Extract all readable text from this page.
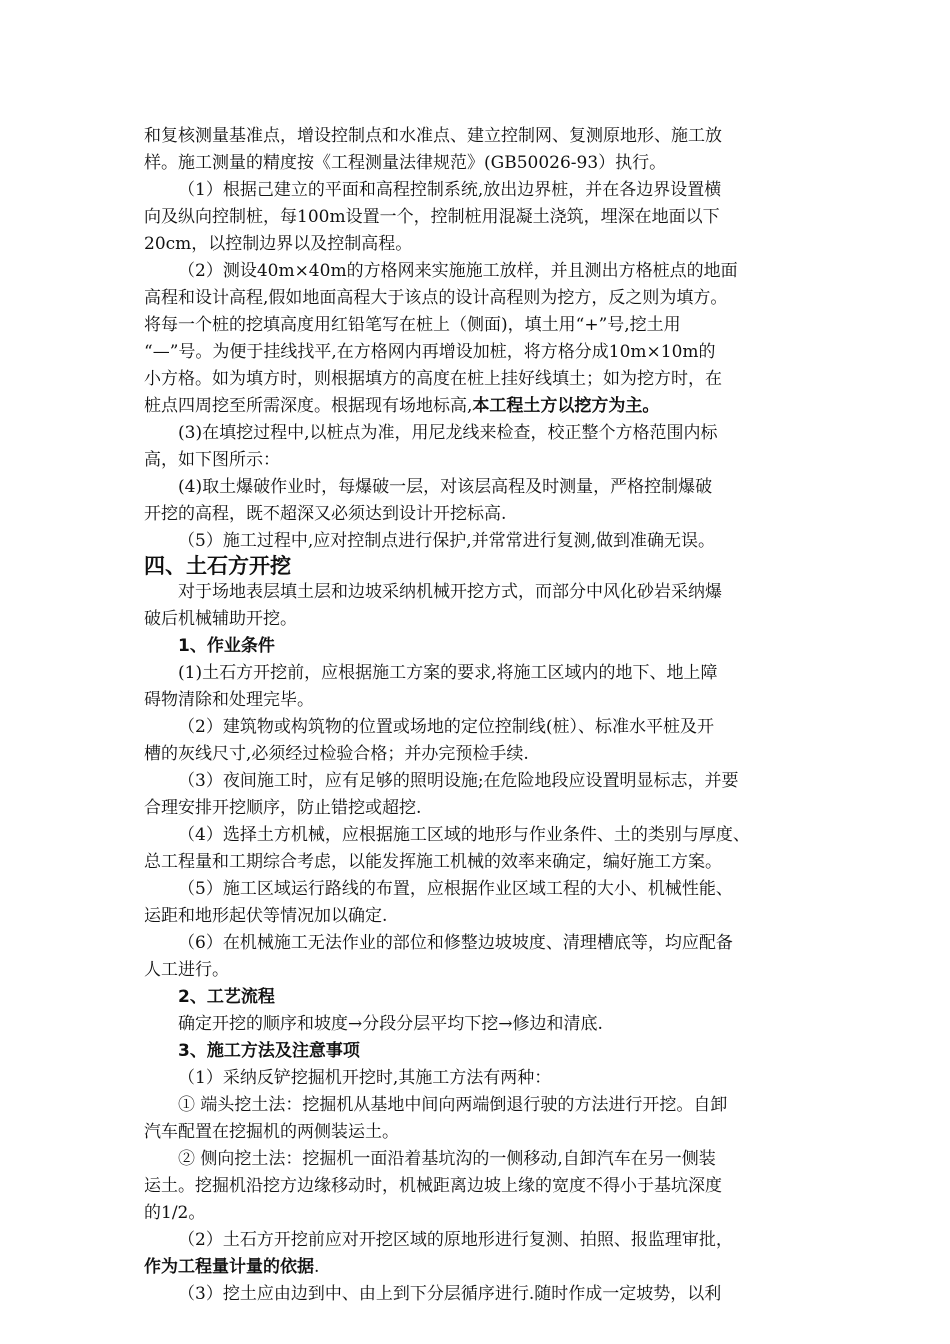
和复核测量基准点，增设控制点和水准点、建立控制网、复测原地形、施工放
样。施工测量的精度按《工程测量法律规范》(GB50026-93）执行。
（1）根据己建立的平面和高程控制系统,放出边界桩，并在各边界设置横
向及纵向控制桩，每100m设置一个，控制桩用混凝土浇筑，埋深在地面以下
20cm，以控制边界以及控制高程。
（2）测设40m×40m的方格网来实施施工放样，并且测出方格桩点的地面
高程和设计高程,假如地面高程大于该点的设计高程则为挖方，反之则为填方。
将每一个桩的挖填高度用红铅笔写在桩上（侧面)，填土用“+”号,挖土用
“—”号。为便于挂线找平,在方格网内再增设加桩，将方格分成10m×10m的
小方格。如为填方时，则根据填方的高度在桩上挂好线填土；如为挖方时，在
桩点四周挖至所需深度。根据现有场地标高,本工程土方以挖方为主。
(3)在填挖过程中,以桩点为准，用尼龙线来检查，校正整个方格范围内标
高，如下图所示：
(4)取土爆破作业时，每爆破一层，对该层高程及时测量，严格控制爆破
开挖的高程，既不超深又必须达到设计开挖标高.
（5）施工过程中,应对控制点进行保护,并常常进行复测,做到准确无误。
四、土石方开挖
对于场地表层填土层和边坡采纳机械开挖方式，而部分中风化砂岩采纳爆
破后机械辅助开挖。
1、作业条件
(1)土石方开挖前，应根据施工方案的要求,将施工区域内的地下、地上障
碍物清除和处理完毕。
（2）建筑物或构筑物的位置或场地的定位控制线(桩）、标准水平桩及开
槽的灰线尺寸,必须经过检验合格；并办完预检手续.
（3）夜间施工时，应有足够的照明设施;在危险地段应设置明显标志，并要
合理安排开挖顺序，防止错挖或超挖.
（4）选择土方机械，应根据施工区域的地形与作业条件、土的类别与厚度、
总工程量和工期综合考虑，以能发挥施工机械的效率来确定，编好施工方案。
（5）施工区域运行路线的布置，应根据作业区域工程的大小、机械性能、
运距和地形起伏等情况加以确定.
（6）在机械施工无法作业的部位和修整边坡坡度、清理槽底等，均应配备
人工进行。
2、工艺流程
确定开挖的顺序和坡度→分段分层平均下挖→修边和清底.
3、施工方法及注意事项
（1）采纳反铲挖掘机开挖时,其施工方法有两种：
① 端头挖土法：挖掘机从基地中间向两端倒退行驶的方法进行开挖。自卸
汽车配置在挖掘机的两侧装运土。
② 侧向挖土法：挖掘机一面沿着基坑沟的一侧移动,自卸汽车在另一侧装
运土。挖掘机沿挖方边缘移动时，机械距离边坡上缘的宽度不得小于基坑深度
的1/2。
（2）土石方开挖前应对开挖区域的原地形进行复测、拍照、报监理审批，
作为工程量计量的依据.
（3）挖土应由边到中、由上到下分层循序进行.随时作成一定坡势，以利
